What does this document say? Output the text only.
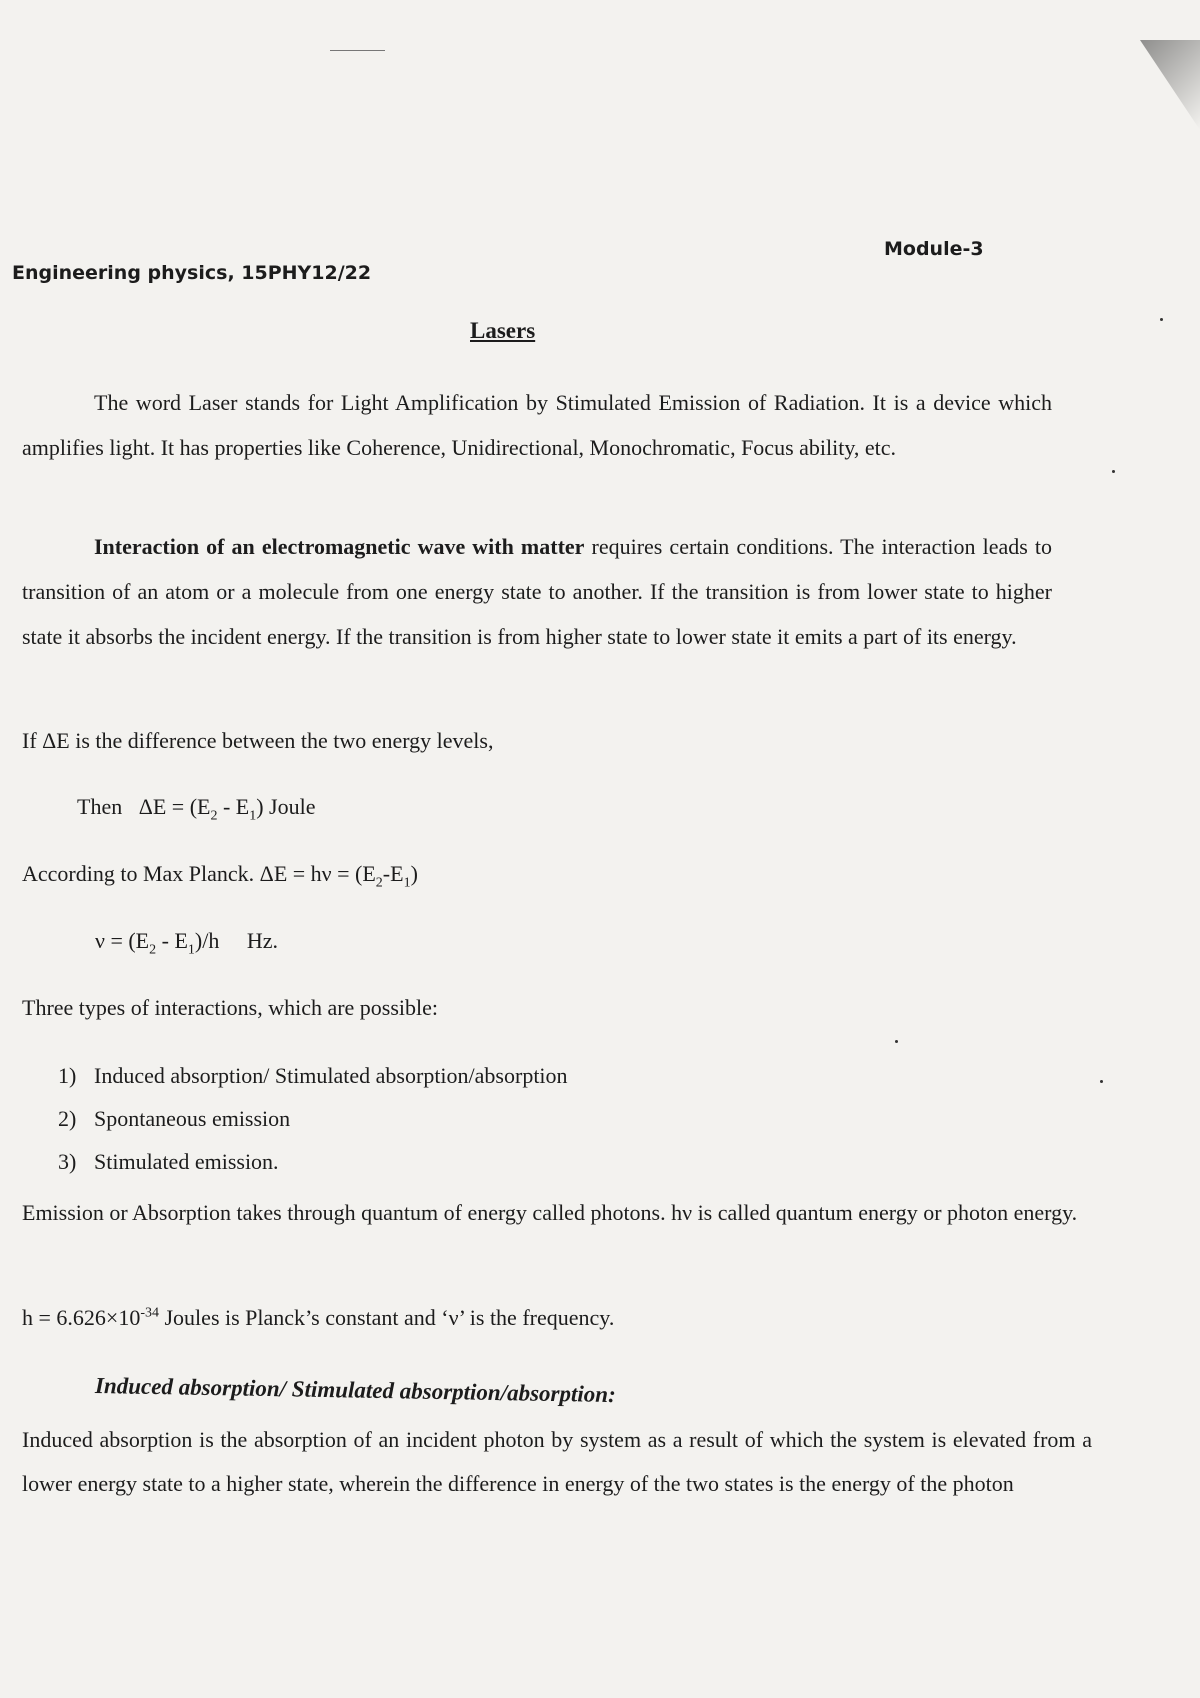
Engineering physics, 15PHY12/22
Module-3
Lasers
The word Laser stands for Light Amplification by Stimulated Emission of Radiation. It is a device which amplifies light. It has properties like Coherence, Unidirectional, Monochromatic, Focus ability, etc.
Interaction of an electromagnetic wave with matter requires certain conditions. The interaction leads to transition of an atom or a molecule from one energy state to another. If the transition is from lower state to higher state it absorbs the incident energy. If the transition is from higher state to lower state it emits a part of its energy.
If ΔE is the difference between the two energy levels,
Then $\Delta E = (E_2 - E_1)$ Joule
According to Max Planck. $\Delta E = h\nu = (E_2-E_1)$
$\nu = (E_2 - E_1)/h$ Hz.
Three types of interactions, which are possible:
1) Induced absorption/ Stimulated absorption/absorption
2) Spontaneous emission
3) Stimulated emission.
Emission or Absorption takes through quantum of energy called photons. hν is called quantum energy or photon energy.
$h = 6.626\times 10^{-34}$ Joules is Planck’s constant and ‘ν’ is the frequency.
Induced absorption/ Stimulated absorption/absorption:
Induced absorption is the absorption of an incident photon by system as a result of which the system is elevated from a lower energy state to a higher state, wherein the difference in energy of the two states is the energy of the photon
